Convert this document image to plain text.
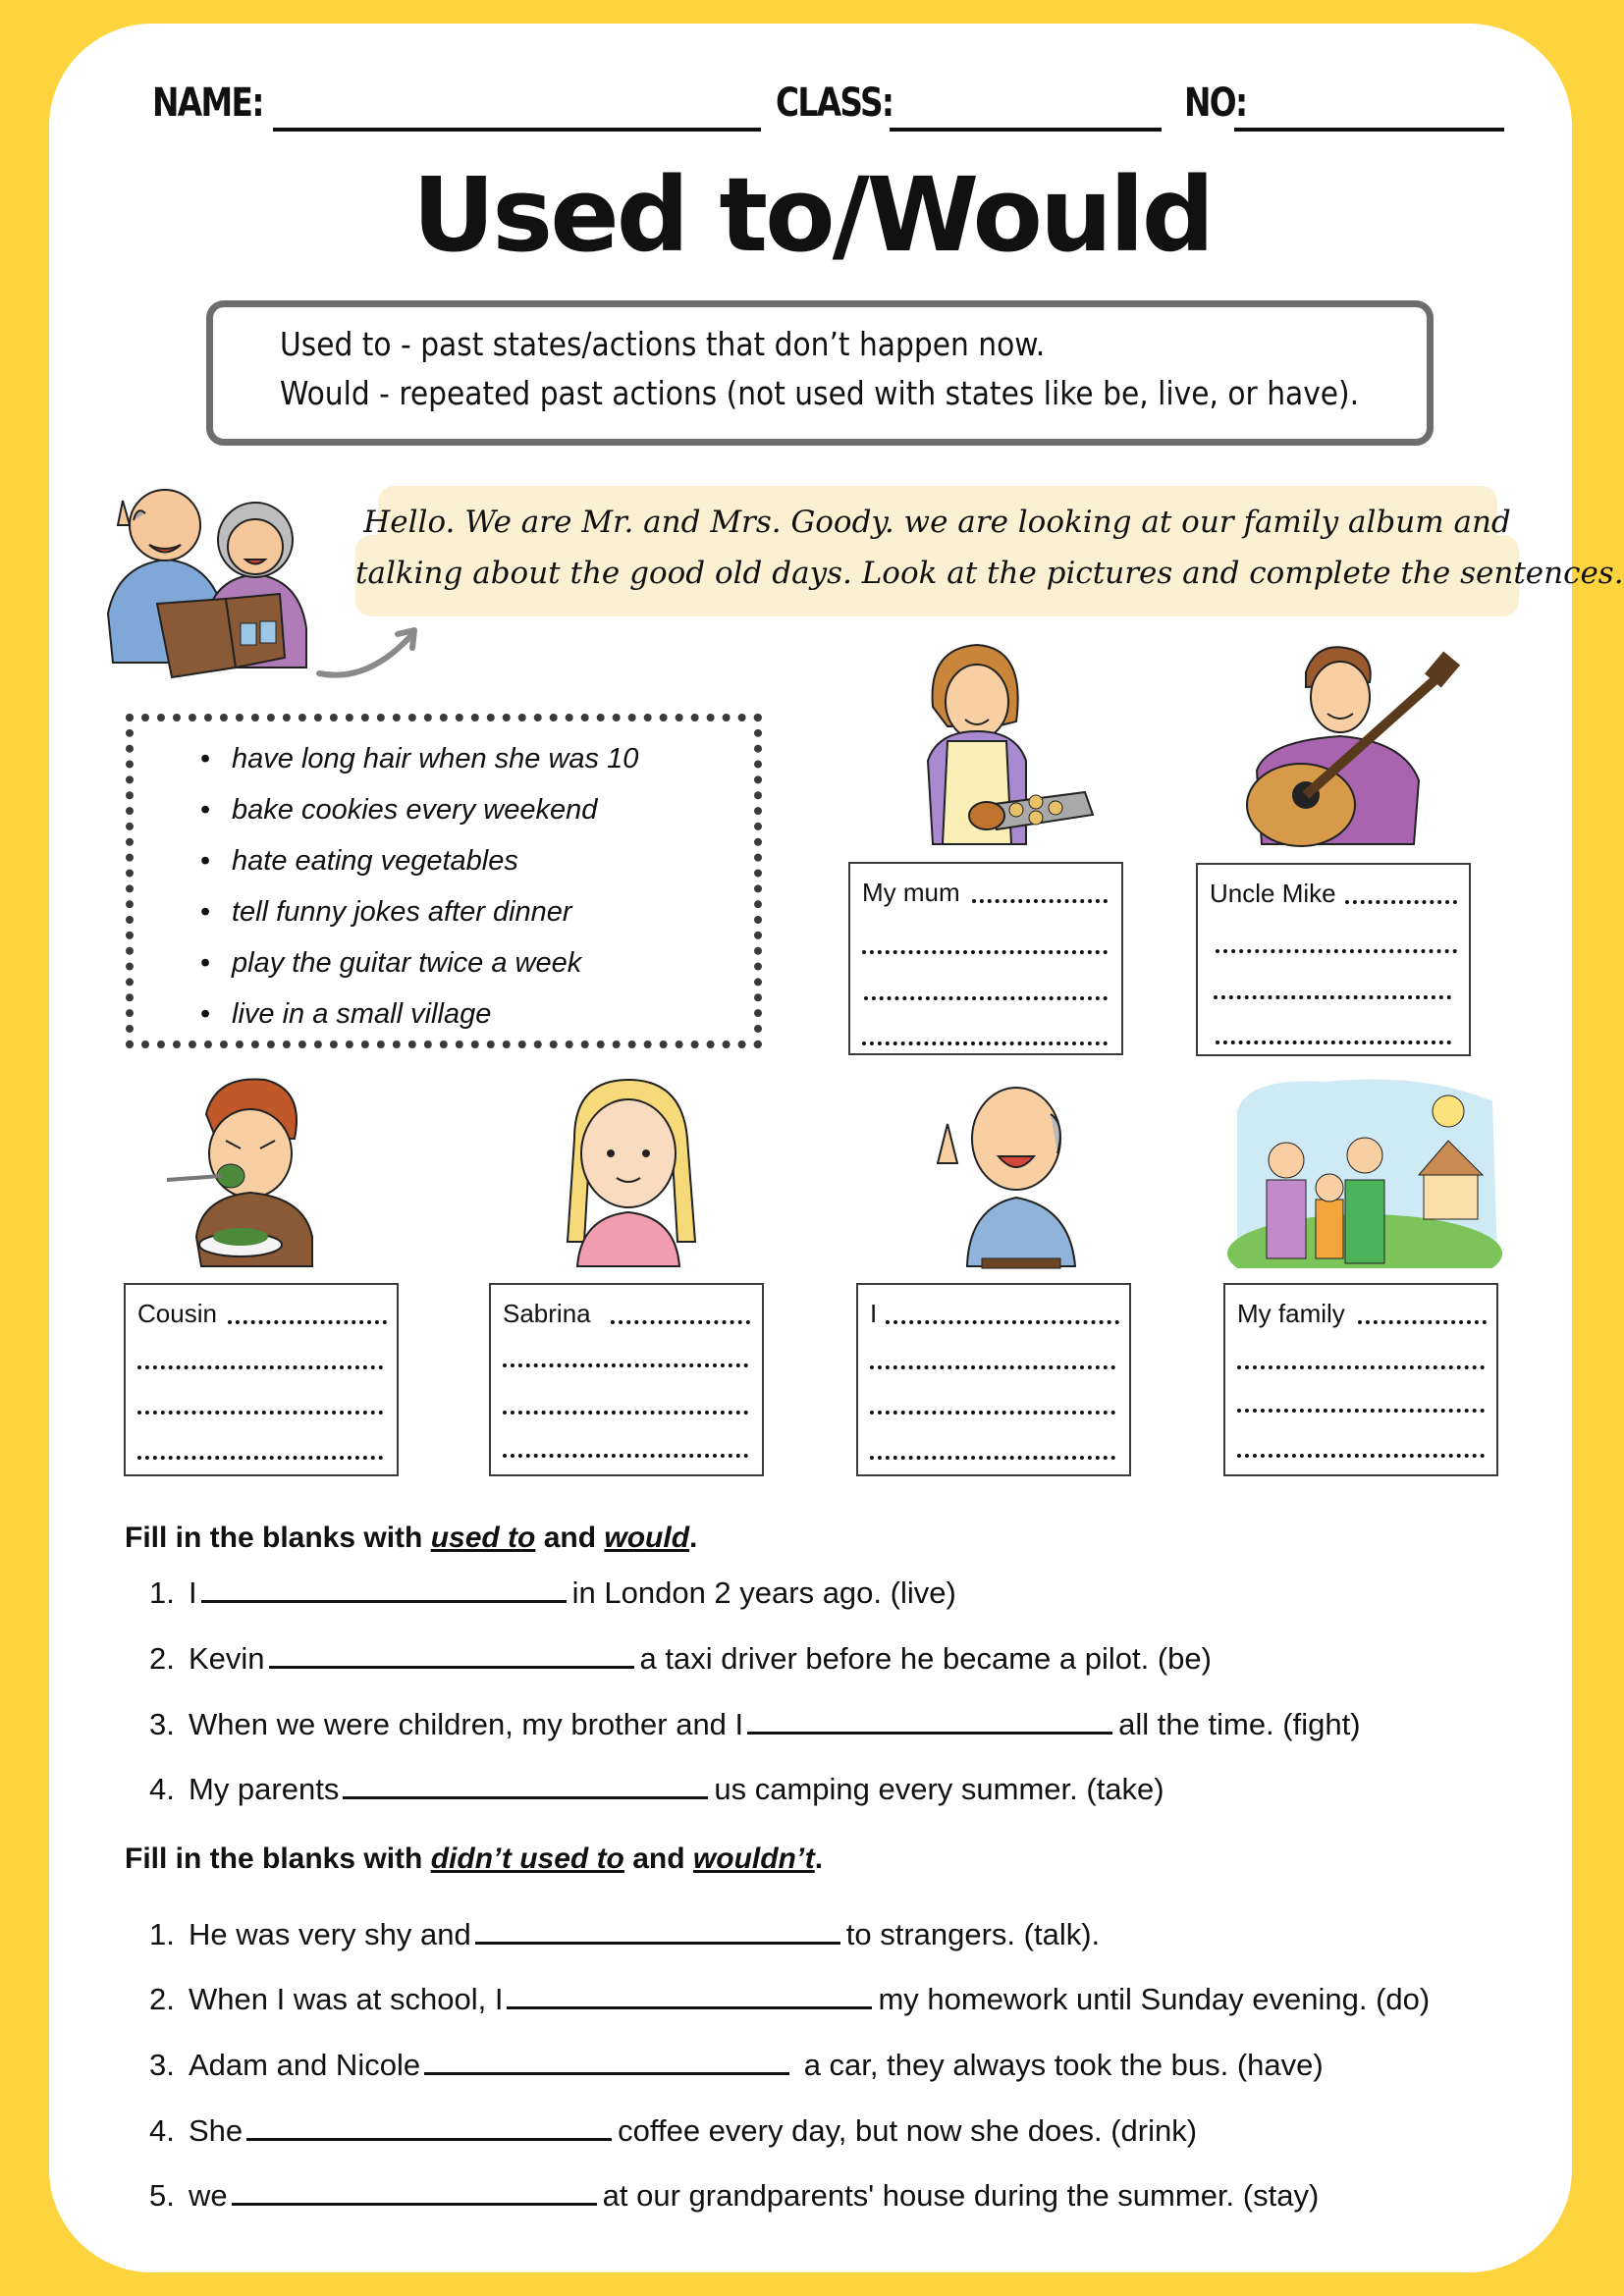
NAME:	CLASS:	NO:
Used to/Would
Used to - past states/actions that don’t happen now.
Would - repeated past actions (not used with states like be, live, or have).
Hello. We are Mr. and Mrs. Goody. we are looking at our family album and
talking about the good old days. Look at the pictures and complete the sentences.
• have long hair when she was 10
• bake cookies every weekend
• hate eating vegetables
• tell funny jokes after dinner
• play the guitar twice a week
• live in a small village
My mum	Uncle Mike
Cousin	Sabrina	I	My family
Fill in the blanks with used to and would.
1. I	in London 2 years ago. (live)
2. Kevin	a taxi driver before he became a pilot. (be)
3. When we were children, my brother and I	all the time. (fight)
4. My parents	us camping every summer. (take)
Fill in the blanks with didn’t used to and wouldn’t.
1. He was very shy and	to strangers. (talk).
2. When I was at school, I	my homework until Sunday evening. (do)
3. Adam and Nicole	a car, they always took the bus. (have)
4. She	coffee every day, but now she does. (drink)
5. we	at our grandparents' house during the summer. (stay)
